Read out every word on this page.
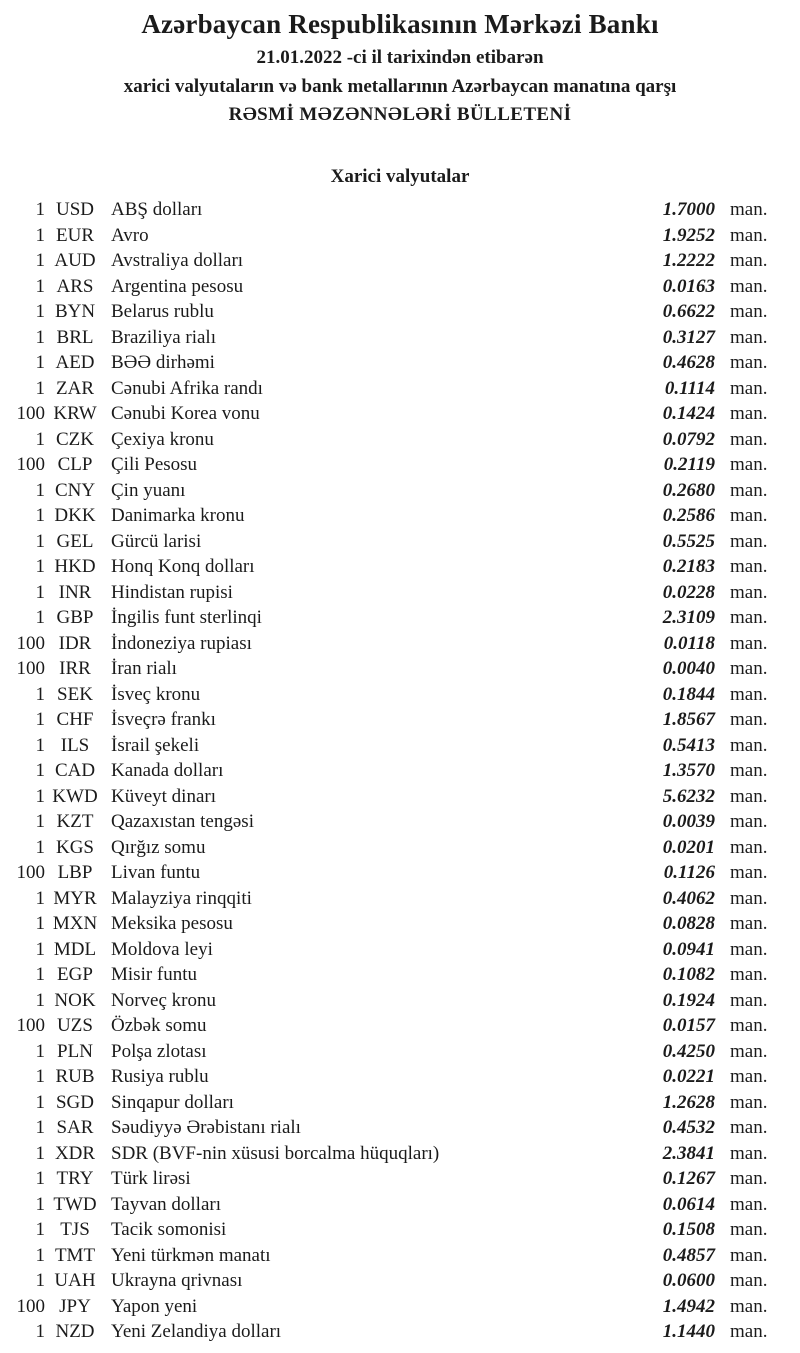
Azərbaycan Respublikasının Mərkəzi Bankı
21.01.2022 -ci il tarixindən etibarən
xarici valyutaların və bank metallarının Azərbaycan manatına qarşı
RƏSMİ MƏZƏNNƏLƏRİ BÜLLETENİ
Xarici valyutalar
1 USD ABŞ dolları	1.7000 man.
1 EUR Avro	1.9252 man.
1 AUD Avstraliya dolları	1.2222 man.
1 ARS Argentina pesosu	0.0163 man.
1 BYN Belarus rublu	0.6622 man.
1 BRL Braziliya rialı	0.3127 man.
1 AED BƏƏ dirhəmi	0.4628 man.
1 ZAR Cənubi Afrika randı	0.1114 man.
100 KRW Cənubi Korea vonu	0.1424 man.
1 CZK Çexiya kronu	0.0792 man.
100 CLP Çili Pesosu	0.2119 man.
1 CNY Çin yuanı	0.2680 man.
1 DKK Danimarka kronu	0.2586 man.
1 GEL Gürcü larisi	0.5525 man.
1 HKD Honq Konq dolları	0.2183 man.
1 INR	Hindistan rupisi	0.0228 man.
1 GBP İngilis funt sterlinqi	2.3109 man.
100 IDR	İndoneziya rupiası	0.0118 man.
100 IRR	İran rialı	0.0040 man.
1 SEK İsveç kronu	0.1844 man.
1 CHF İsveçrə frankı	1.8567 man.
1 ILS	İsrail şekeli	0.5413 man.
1 CAD Kanada dolları	1.3570 man.
1 KWD Küveyt dinarı	5.6232 man.
1 KZT Qazaxıstan tengəsi	0.0039 man.
1 KGS Qırğız somu	0.0201 man.
100 LBP Livan funtu	0.1126 man.
1 MYR Malayziya rinqqiti	0.4062 man.
1 MXN Meksika pesosu	0.0828 man.
1 MDL Moldova leyi	0.0941 man.
1 EGP Misir funtu	0.1082 man.
1 NOK Norveç kronu	0.1924 man.
100 UZS Özbək somu	0.0157 man.
1 PLN Polşa zlotası	0.4250 man.
1 RUB Rusiya rublu	0.0221 man.
1 SGD Sinqapur dolları	1.2628 man.
1 SAR Səudiyyə Ərəbistanı rialı	0.4532 man.
1 XDR SDR (BVF-nin xüsusi borcalma hüquqları)	2.3841 man.
1 TRY Türk lirəsi	0.1267 man.
1 TWD Tayvan dolları	0.0614 man.
1 TJS	Tacik somonisi	0.1508 man.
1 TMT Yeni türkmən manatı	0.4857 man.
1 UAH Ukrayna qrivnası	0.0600 man.
100 JPY	Yapon yeni	1.4942 man.
1 NZD Yeni Zelandiya dolları	1.1440 man.
